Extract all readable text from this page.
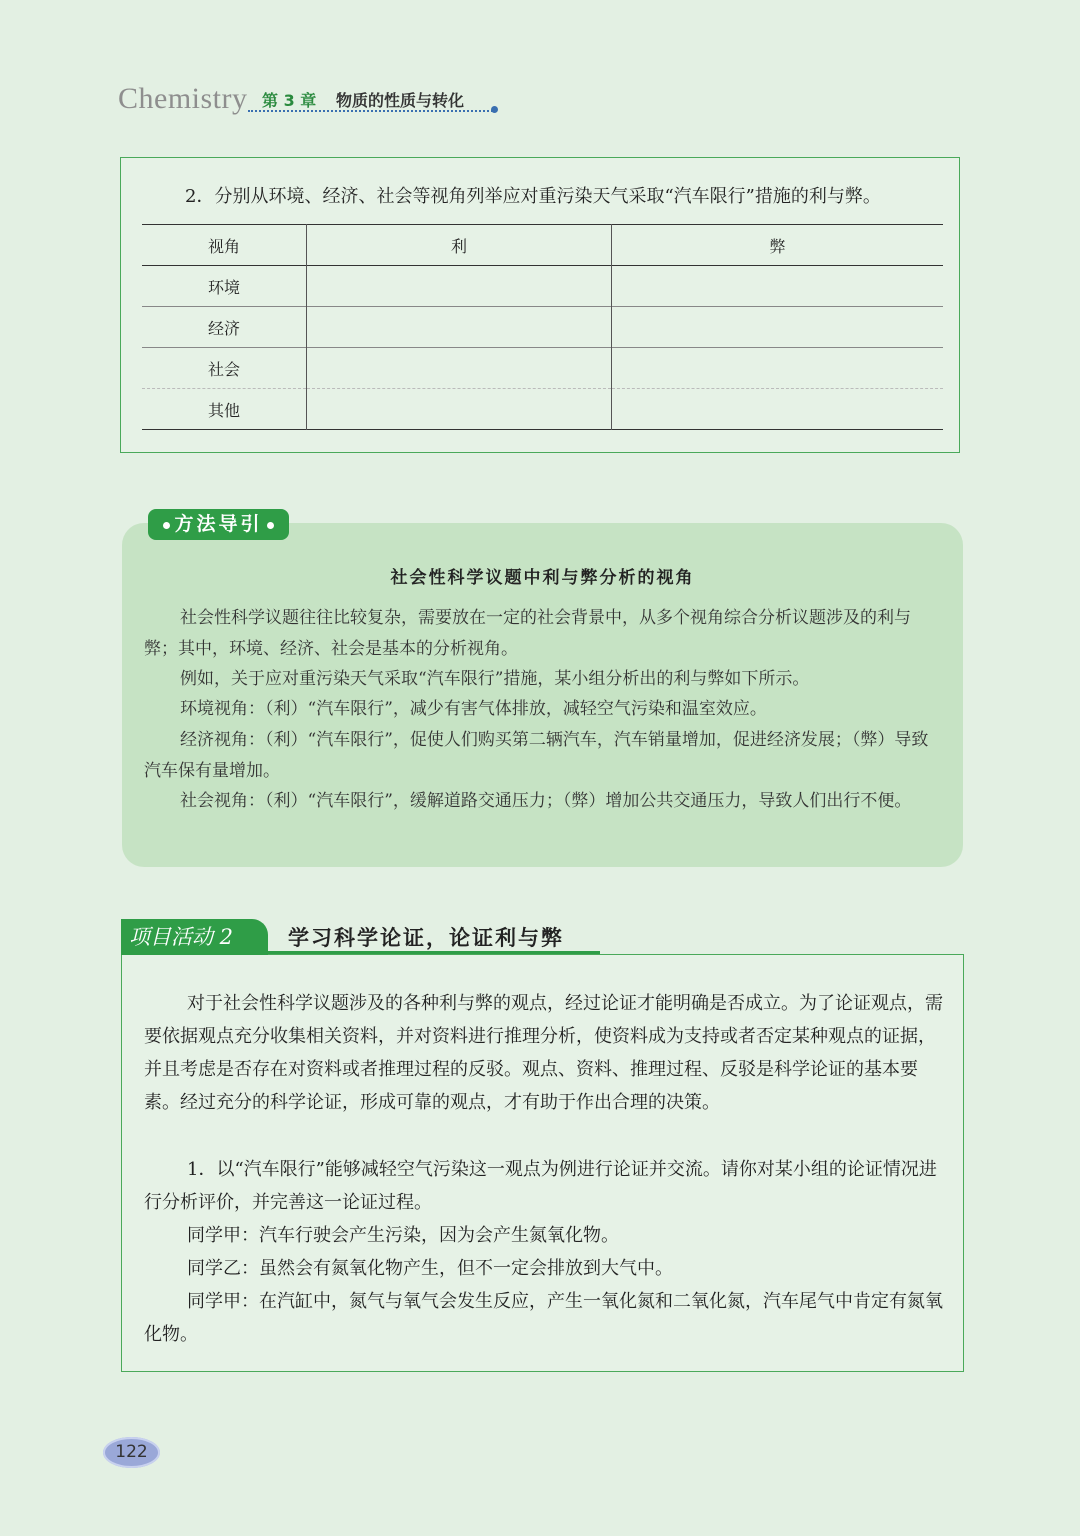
Chemistry 第 3 章 物质的性质与转化
2．分别从环境、经济、社会等视角列举应对重污染天气采取“汽车限行”措施的利与弊。
视角	利	弊
环境		
经济		
社会		
其他		
方法导引
社会性科学议题中利与弊分析的视角
社会性科学议题往往比较复杂，需要放在一定的社会背景中，从多个视角综合分析议题涉及的利与弊；其中，环境、经济、社会是基本的分析视角。
例如，关于应对重污染天气采取“汽车限行”措施，某小组分析出的利与弊如下所示。
环境视角：（利）“汽车限行”，减少有害气体排放，减轻空气污染和温室效应。
经济视角：（利）“汽车限行”，促使人们购买第二辆汽车，汽车销量增加，促进经济发展；（弊）导致汽车保有量增加。
社会视角：（利）“汽车限行”，缓解道路交通压力；（弊）增加公共交通压力，导致人们出行不便。
项目活动 2	学习科学论证，论证利与弊
对于社会性科学议题涉及的各种利与弊的观点，经过论证才能明确是否成立。为了论证观点，需要依据观点充分收集相关资料，并对资料进行推理分析，使资料成为支持或者否定某种观点的证据，并且考虑是否存在对资料或者推理过程的反驳。观点、资料、推理过程、反驳是科学论证的基本要素。经过充分的科学论证，形成可靠的观点，才有助于作出合理的决策。
1．以“汽车限行”能够减轻空气污染这一观点为例进行论证并交流。请你对某小组的论证情况进行分析评价，并完善这一论证过程。
同学甲：汽车行驶会产生污染，因为会产生氮氧化物。
同学乙：虽然会有氮氧化物产生，但不一定会排放到大气中。
同学甲：在汽缸中，氮气与氧气会发生反应，产生一氧化氮和二氧化氮，汽车尾气中肯定有氮氧化物。
122
